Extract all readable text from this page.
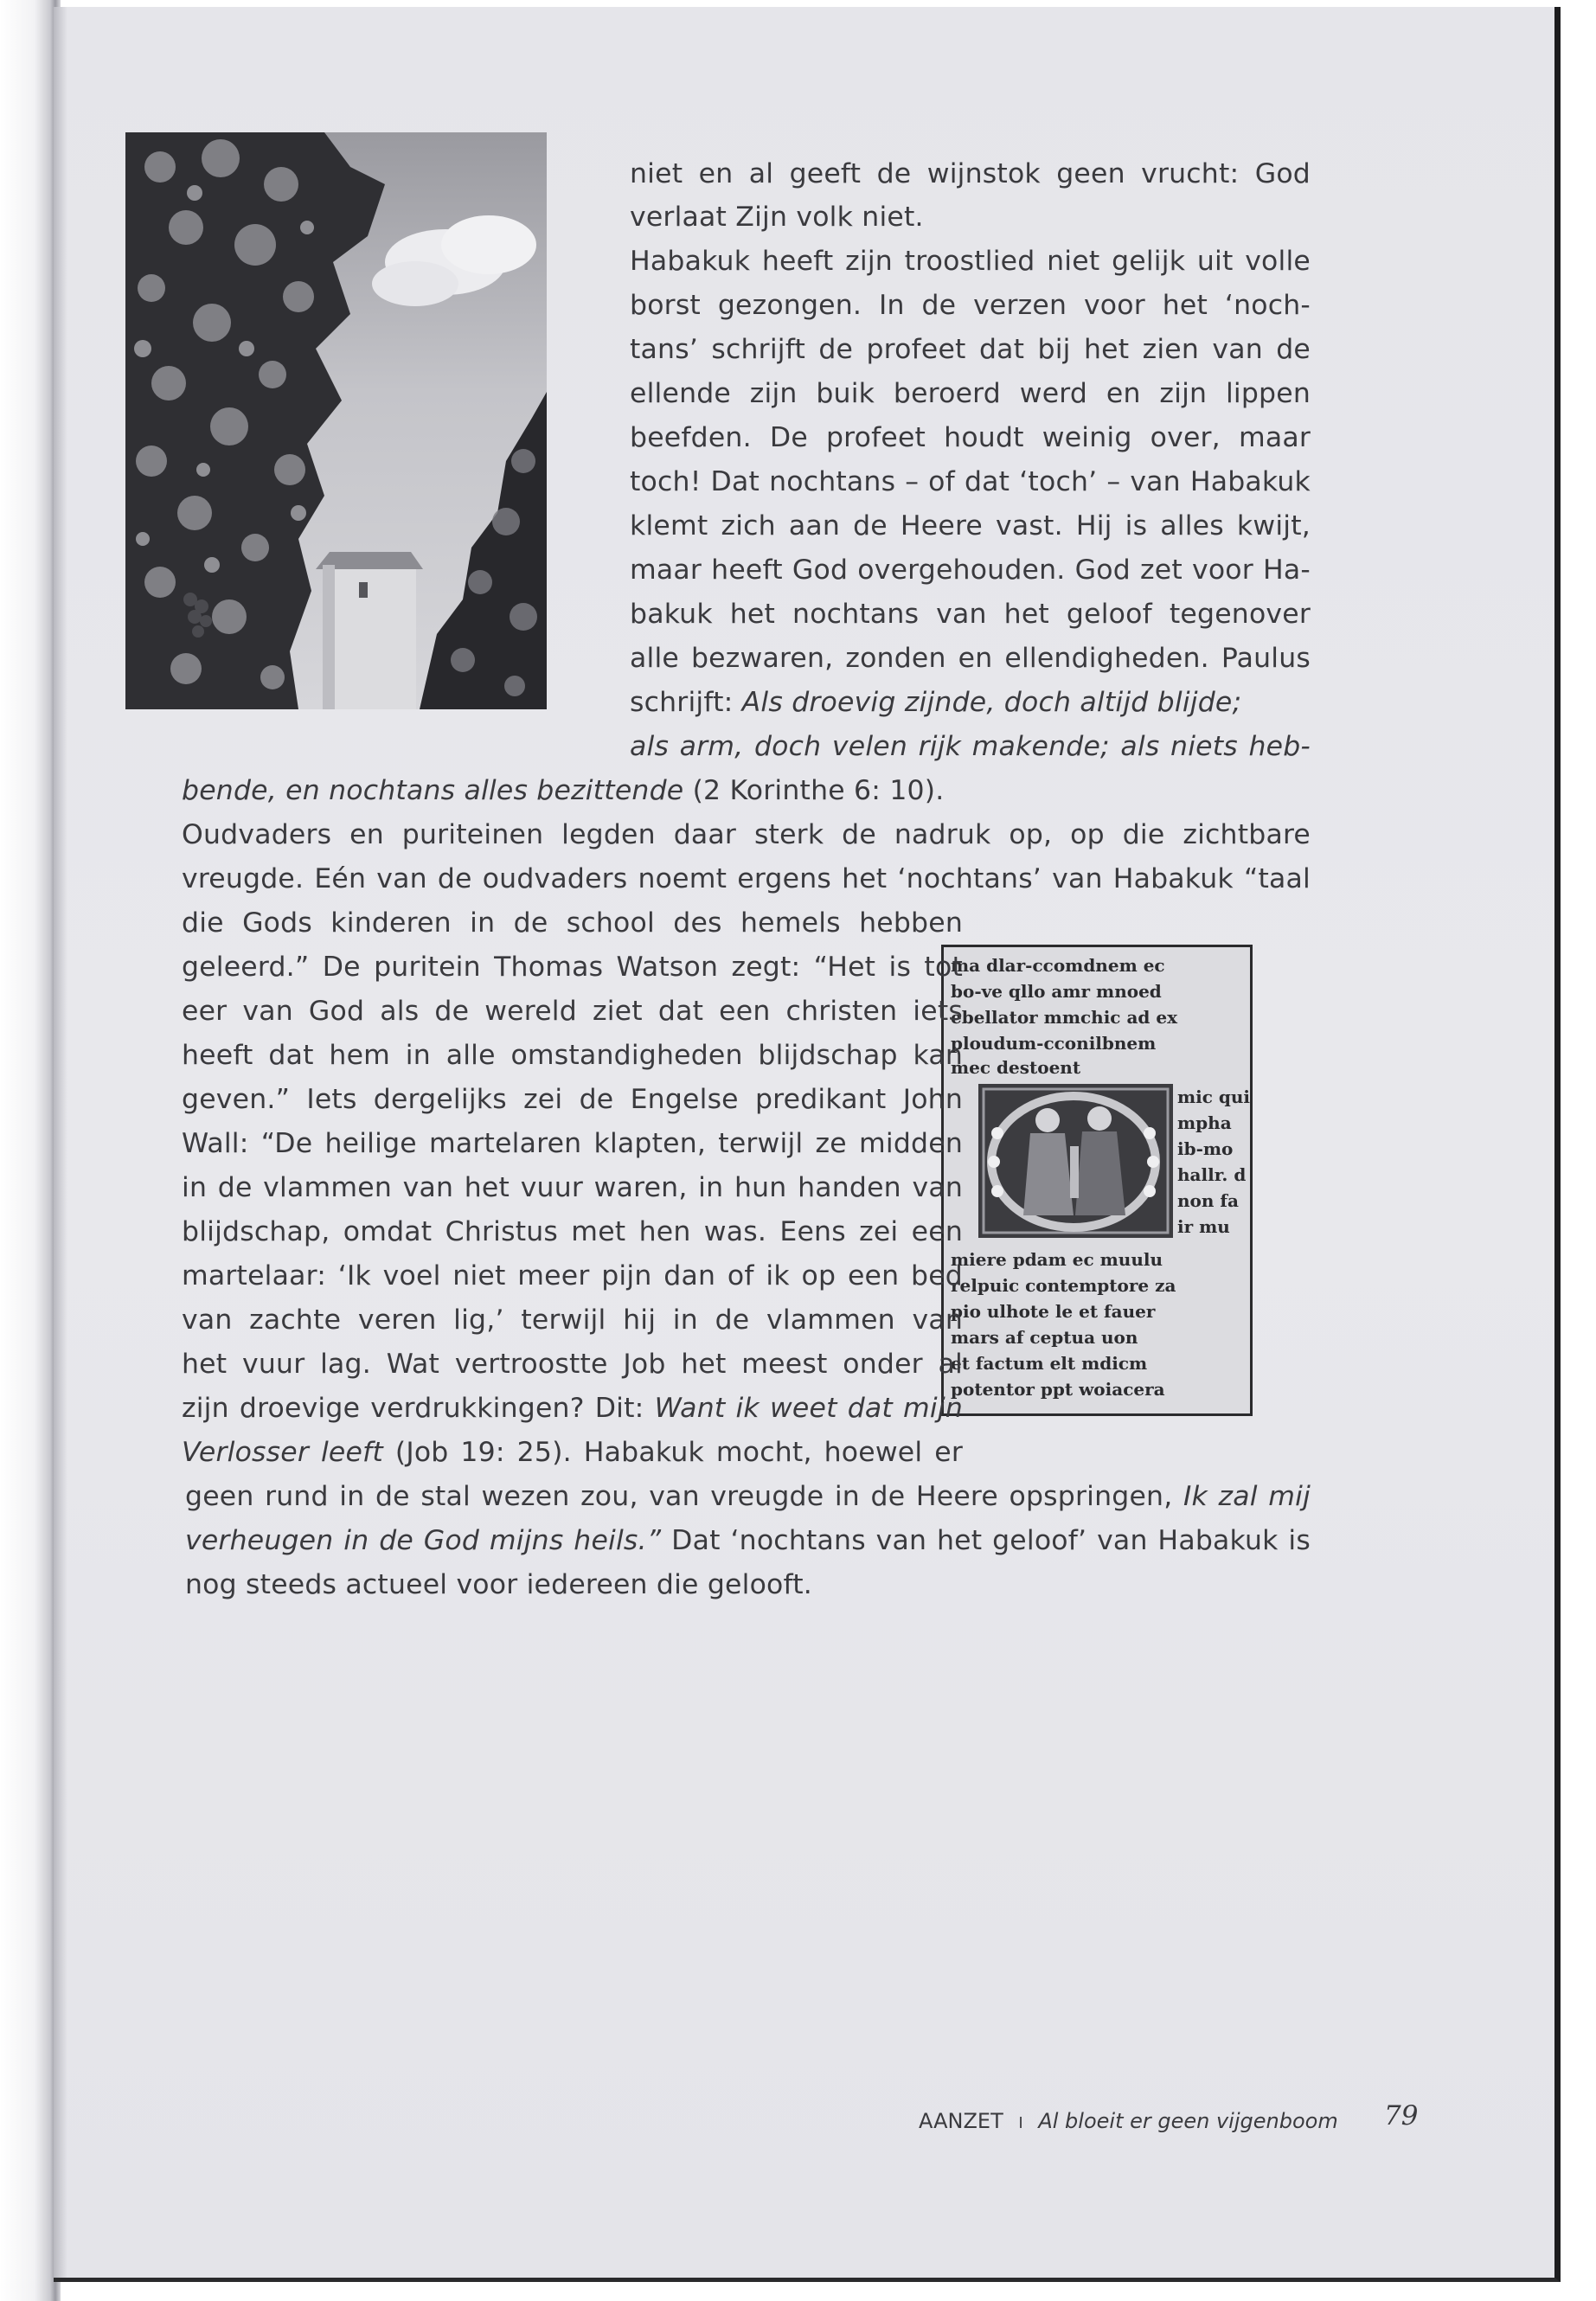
ma dlar-ccomdnem ec
bo-ve qllo amr mnoed
ebellator mmchic ad ex
ploudum-cconilbnem
mec destoent
mic qui
mpha
ib-mo
hallr. d
non fa
ir mu
miere pdam ec muulu
relpuic contemptore za
pio ulhote le et fauer
mars af ceptua uon
et factum elt mdicm
potentor ppt woiacera
niet en al geeft de wijnstok geen vrucht: God
verlaat Zijn volk niet.
Habakuk heeft zijn troostlied niet gelijk uit volle
borst gezongen. In de verzen voor het ‘noch-
tans’ schrijft de profeet dat bij het zien van de
ellende zijn buik beroerd werd en zijn lippen
beefden. De profeet houdt weinig over, maar
toch! Dat nochtans – of dat ‘toch’ – van Habakuk
klemt zich aan de Heere vast. Hij is alles kwijt,
maar heeft God overgehouden. God zet voor Ha-
bakuk het nochtans van het geloof tegenover
alle bezwaren, zonden en ellendigheden. Paulus
schrijft: Als droevig zijnde, doch altijd blijde;
als arm, doch velen rijk makende; als niets heb-
bende, en nochtans alles bezittende (2 Korinthe 6: 10).
Oudvaders en puriteinen legden daar sterk de nadruk op, op die zichtbare
vreugde. Eén van de oudvaders noemt ergens het ‘nochtans’ van Habakuk “taal
die Gods kinderen in de school des hemels hebben
geleerd.” De puritein Thomas Watson zegt: “Het is tot
eer van God als de wereld ziet dat een christen iets
heeft dat hem in alle omstandigheden blijdschap kan
geven.” Iets dergelijks zei de Engelse predikant John
Wall: “De heilige martelaren klapten, terwijl ze midden
in de vlammen van het vuur waren, in hun handen van
blijdschap, omdat Christus met hen was. Eens zei een
martelaar: ‘Ik voel niet meer pijn dan of ik op een bed
van zachte veren lig,’ terwijl hij in de vlammen van
het vuur lag. Wat vertroostte Job het meest onder al
zijn droevige verdrukkingen? Dit: Want ik weet dat mijn
Verlosser leeft (Job 19: 25). Habakuk mocht, hoewel er
geen rund in de stal wezen zou, van vreugde in de Heere opspringen, Ik zal mij
verheugen in de God mijns heils.” Dat ‘nochtans van het geloof’ van Habakuk is
nog steeds actueel voor iedereen die gelooft.
AANZET I Al bloeit er geen vijgenboom 79
